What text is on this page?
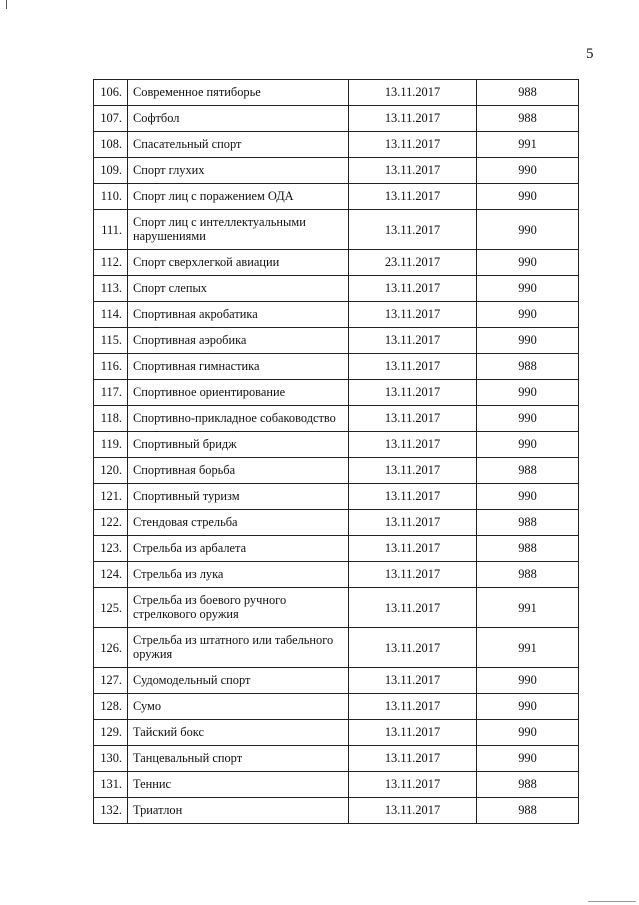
5
106.	Современное пятиборье	13.11.2017	988
107.	Софтбол	13.11.2017	988
108.	Спасательный спорт	13.11.2017	991
109.	Спорт глухих	13.11.2017	990
110.	Спорт лиц с поражением ОДА	13.11.2017	990
111.	Спорт лиц с интеллектуальными нарушениями	13.11.2017	990
112.	Спорт сверхлегкой авиации	23.11.2017	990
113.	Спорт слепых	13.11.2017	990
114.	Спортивная акробатика	13.11.2017	990
115.	Спортивная аэробика	13.11.2017	990
116.	Спортивная гимнастика	13.11.2017	988
117.	Спортивное ориентирование	13.11.2017	990
118.	Спортивно-прикладное собаководство	13.11.2017	990
119.	Спортивный бридж	13.11.2017	990
120.	Спортивная борьба	13.11.2017	988
121.	Спортивный туризм	13.11.2017	990
122.	Стендовая стрельба	13.11.2017	988
123.	Стрельба из арбалета	13.11.2017	988
124.	Стрельба из лука	13.11.2017	988
125.	Стрельба из боевого ручного стрелкового оружия	13.11.2017	991
126.	Стрельба из штатного или табельного оружия	13.11.2017	991
127.	Судомодельный спорт	13.11.2017	990
128.	Сумо	13.11.2017	990
129.	Тайский бокс	13.11.2017	990
130.	Танцевальный спорт	13.11.2017	990
131.	Теннис	13.11.2017	988
132.	Триатлон	13.11.2017	988
